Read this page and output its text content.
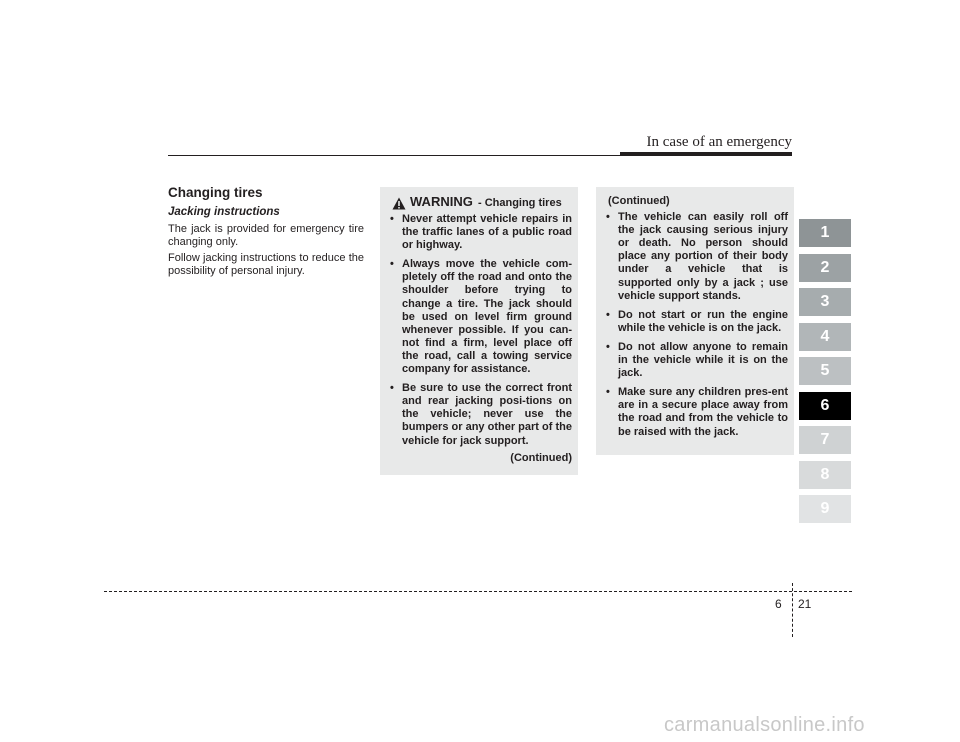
In case of an emergency
Changing tires
Jacking instructions

The jack is provided for emergency tire changing only.

Follow jacking instructions to reduce the possibility of personal injury.

WARNING - Changing tires
• Never attempt vehicle repairs in the traffic lanes of a public road or highway.
• Always move the vehicle com-pletely off the road and onto the shoulder before trying to change a tire. The jack should be used on level firm ground whenever possible. If you can-not find a firm, level place off the road, call a towing service company for assistance.
• Be sure to use the correct front and rear jacking posi-tions on the vehicle; never use the bumpers or any other part of the vehicle for jack support.
(Continued)
(Continued)
• The vehicle can easily roll off the jack causing serious injury or death. No person should place any portion of their body under a vehicle that is supported only by a jack ; use vehicle support stands.
• Do not start or run the engine while the vehicle is on the jack.
• Do not allow anyone to remain in the vehicle while it is on the jack.
• Make sure any children pres-ent are in a secure place away from the road and from the vehicle to be raised with the jack.
1
2
3
4
5
6
7
8
9
6 21
carmanualsonline.info
